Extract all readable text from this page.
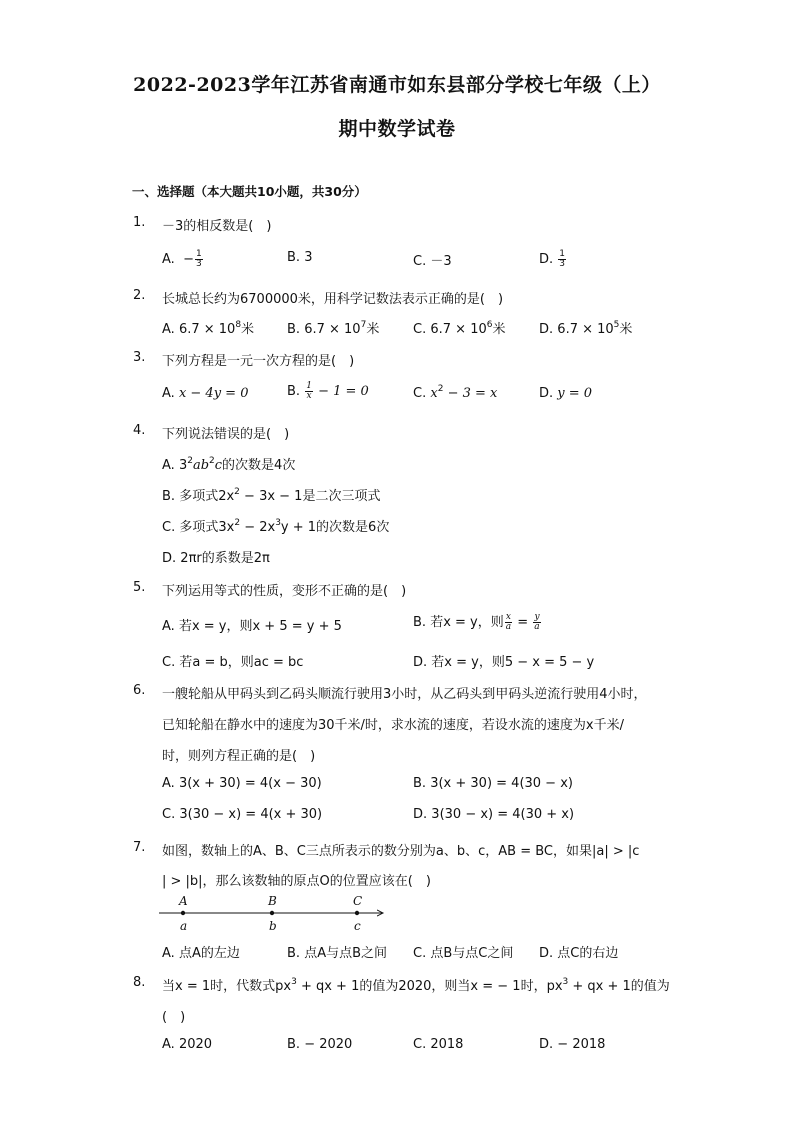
2022-2023学年江苏省南通市如东县部分学校七年级（上）
期中数学试卷
一、选择题（本大题共10小题，共30分）
1. －3的相反数是(　)
A. − $\frac{1}{3}$	B. 3	C. －3	D. $\frac{1}{3}$
2. 长城总长约为6700000米，用科学记数法表示正确的是(　)
A. $6.7 \times 10^8$米	B. $6.7 \times 10^7$米	C. $6.7 \times 10^6$米	D. $6.7 \times 10^5$米
3. 下列方程是一元一次方程的是(　)
A. x − 4y = 0	B. $\frac{1}{x} - 1 = 0$	C. $x^2 - 3 = x$	D. y = 0
4. 下列说法错误的是(　)
A. $3^2ab^2c$的次数是4次
B. 多项式$2x^2 - 3x - 1$是二次三项式
C. 多项式$3x^2 - 2x^3y + 1$的次数是6次
D. 2πr的系数是2π
5. 下列运用等式的性质，变形不正确的是(　)
A. 若x = y，则x + 5 = y + 5	B. 若x = y，则 $\frac{x}{a} = \frac{y}{a}$
C. 若a = b，则ac = bc	D. 若x = y，则5 − x = 5 − y
6. 一艘轮船从甲码头到乙码头顺流行驶用3小时，从乙码头到甲码头逆流行驶用4小时，
已知轮船在静水中的速度为30千米/时，求水流的速度，若设水流的速度为x千米/
时，则列方程正确的是(　)
A. 3(x + 30) = 4(x − 30)	B. 3(x + 30) = 4(30 − x)
C. 3(30 − x) = 4(x + 30)	D. 3(30 − x) = 4(30 + x)
7. 如图，数轴上的A、B、C三点所表示的数分别为a、b、c，AB = BC，如果|a| > |c
| > |b|，那么该数轴的原点O的位置应该在(　)
A	B	C
a	b	c
A. 点A的左边	B. 点A与点B之间 C. 点B与点C之间 D. 点C的右边
8. 当x = 1时，代数式$px^3$ + qx + 1的值为2020，则当x = − 1时，$px^3$ + qx + 1的值为
(　)
A. 2020	B. − 2020	C. 2018	D. − 2018
